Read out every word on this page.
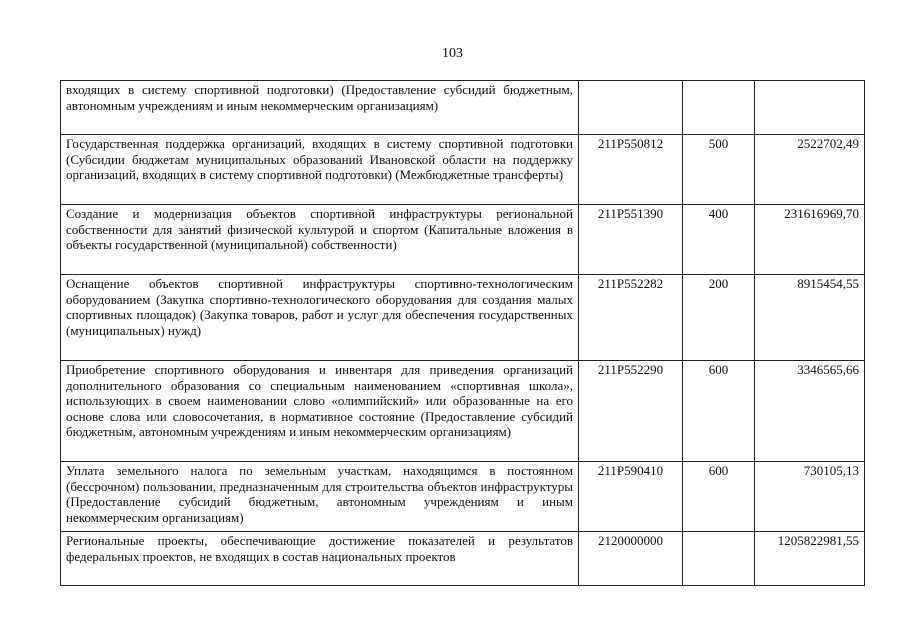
103
входящих в систему спортивной подготовки) (Предоставление субсидий бюджетным, автономным учреждениям и иным некоммерческим организациям)			
Государственная поддержка организаций, входящих в систему спортивной подготовки (Субсидии бюджетам муниципальных образований Ивановской области на поддержку организаций, входящих в систему спортивной подготовки) (Межбюджетные трансферты)	211P550812	500	2522702,49
Создание и модернизация объектов спортивной инфраструктуры региональной собственности для занятий физической культурой и спортом (Капитальные вложения в объекты государственной (муниципальной) собственности)	211P551390	400	231616969,70
Оснащение объектов спортивной инфраструктуры спортивно-технологическим оборудованием (Закупка спортивно-технологического оборудования для создания малых спортивных площадок) (Закупка товаров, работ и услуг для обеспечения государственных (муниципальных) нужд)	211P552282	200	8915454,55
Приобретение спортивного оборудования и инвентаря для приведения организаций дополнительного образования со специальным наименованием «спортивная школа», использующих в своем наименовании слово «олимпийский» или образованные на его основе слова или словосочетания, в нормативное состояние (Предоставление субсидий бюджетным, автономным учреждениям и иным некоммерческим организациям)	211P552290	600	3346565,66
Уплата земельного налога по земельным участкам, находящимся в постоянном (бессрочном) пользовании, предназначенным для строительства объектов инфраструктуры (Предоставление субсидий бюджетным, автономным учреждениям и иным некоммерческим организациям)	211P590410	600	730105,13
Региональные проекты, обеспечивающие достижение показателей и результатов федеральных проектов, не входящих в состав национальных проектов	2120000000		1205822981,55
